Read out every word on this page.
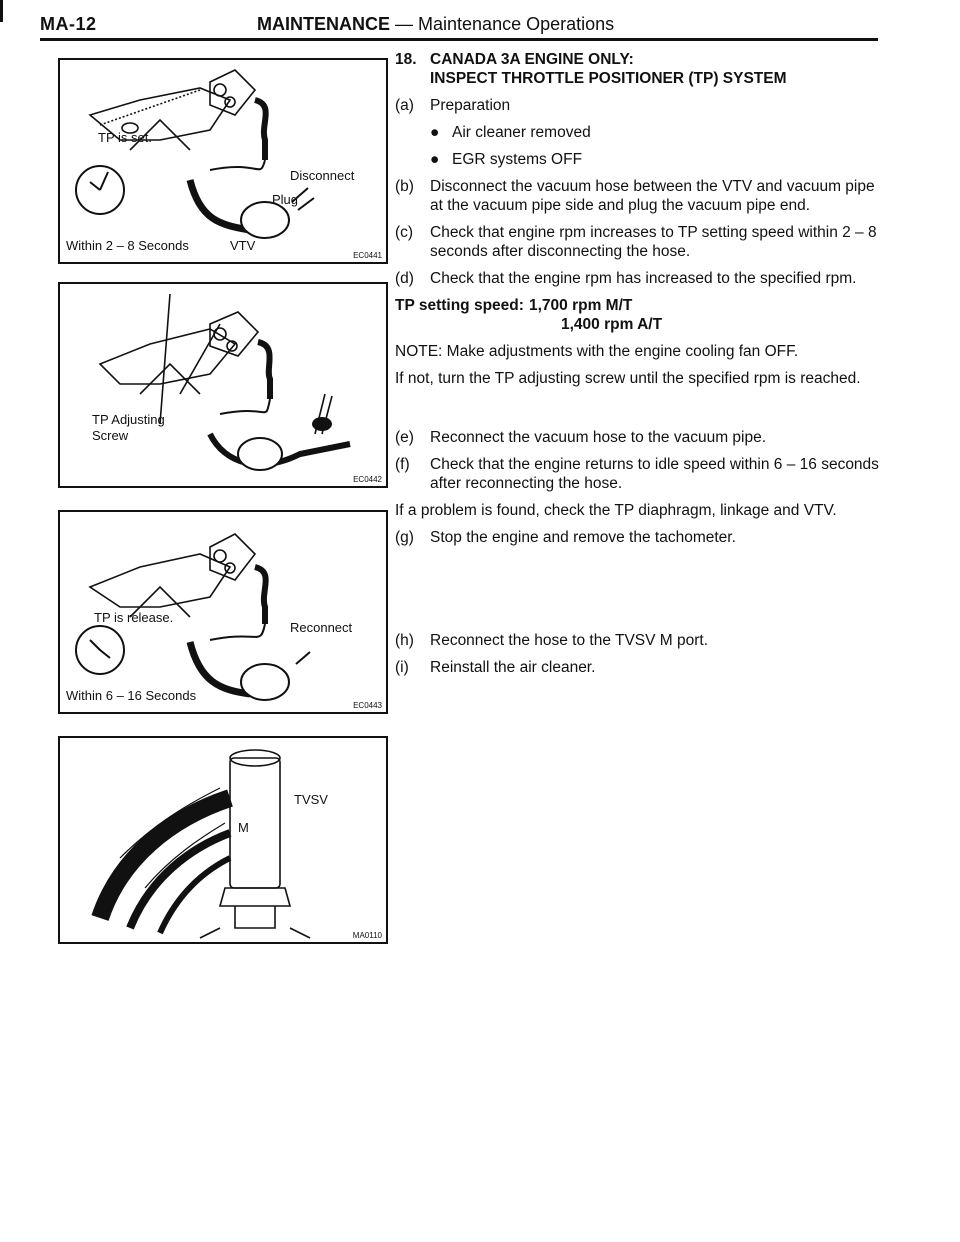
MA-12	MAINTENANCE — Maintenance Operations
TP is set.
Disconnect
Plug
Within 2 – 8 Seconds	VTV
EC0441
TP Adjusting
Screw
EC0442
TP is release.
Reconnect
Within 6 – 16 Seconds
EC0443
TVSV
M
MA0110
18. CANADA 3A ENGINE ONLY:

INSPECT THROTTLE POSITIONER (TP) SYSTEM

(a)	Preparation

● Air cleaner removed

● EGR systems OFF

(b)	Disconnect the vacuum hose between the VTV and vacuum pipe at the vacuum pipe side and plug the vacuum pipe end.

(c)	Check that engine rpm increases to TP setting speed within 2 – 8 seconds after disconnecting the hose.

(d)	Check that the engine rpm has increased to the specified rpm.

TP setting speed: 1,700 rpm M/T

1,400 rpm A/T

NOTE: Make adjustments with the engine cooling fan OFF.

If not, turn the TP adjusting screw until the specified rpm is reached.

(e)	Reconnect the vacuum hose to the vacuum pipe.

(f)	Check that the engine returns to idle speed within 6 – 16 seconds after reconnecting the hose.

If a problem is found, check the TP diaphragm, linkage and VTV.

(g)	Stop the engine and remove the tachometer.

(h)	Reconnect the hose to the TVSV M port.

(i)	Reinstall the air cleaner.
